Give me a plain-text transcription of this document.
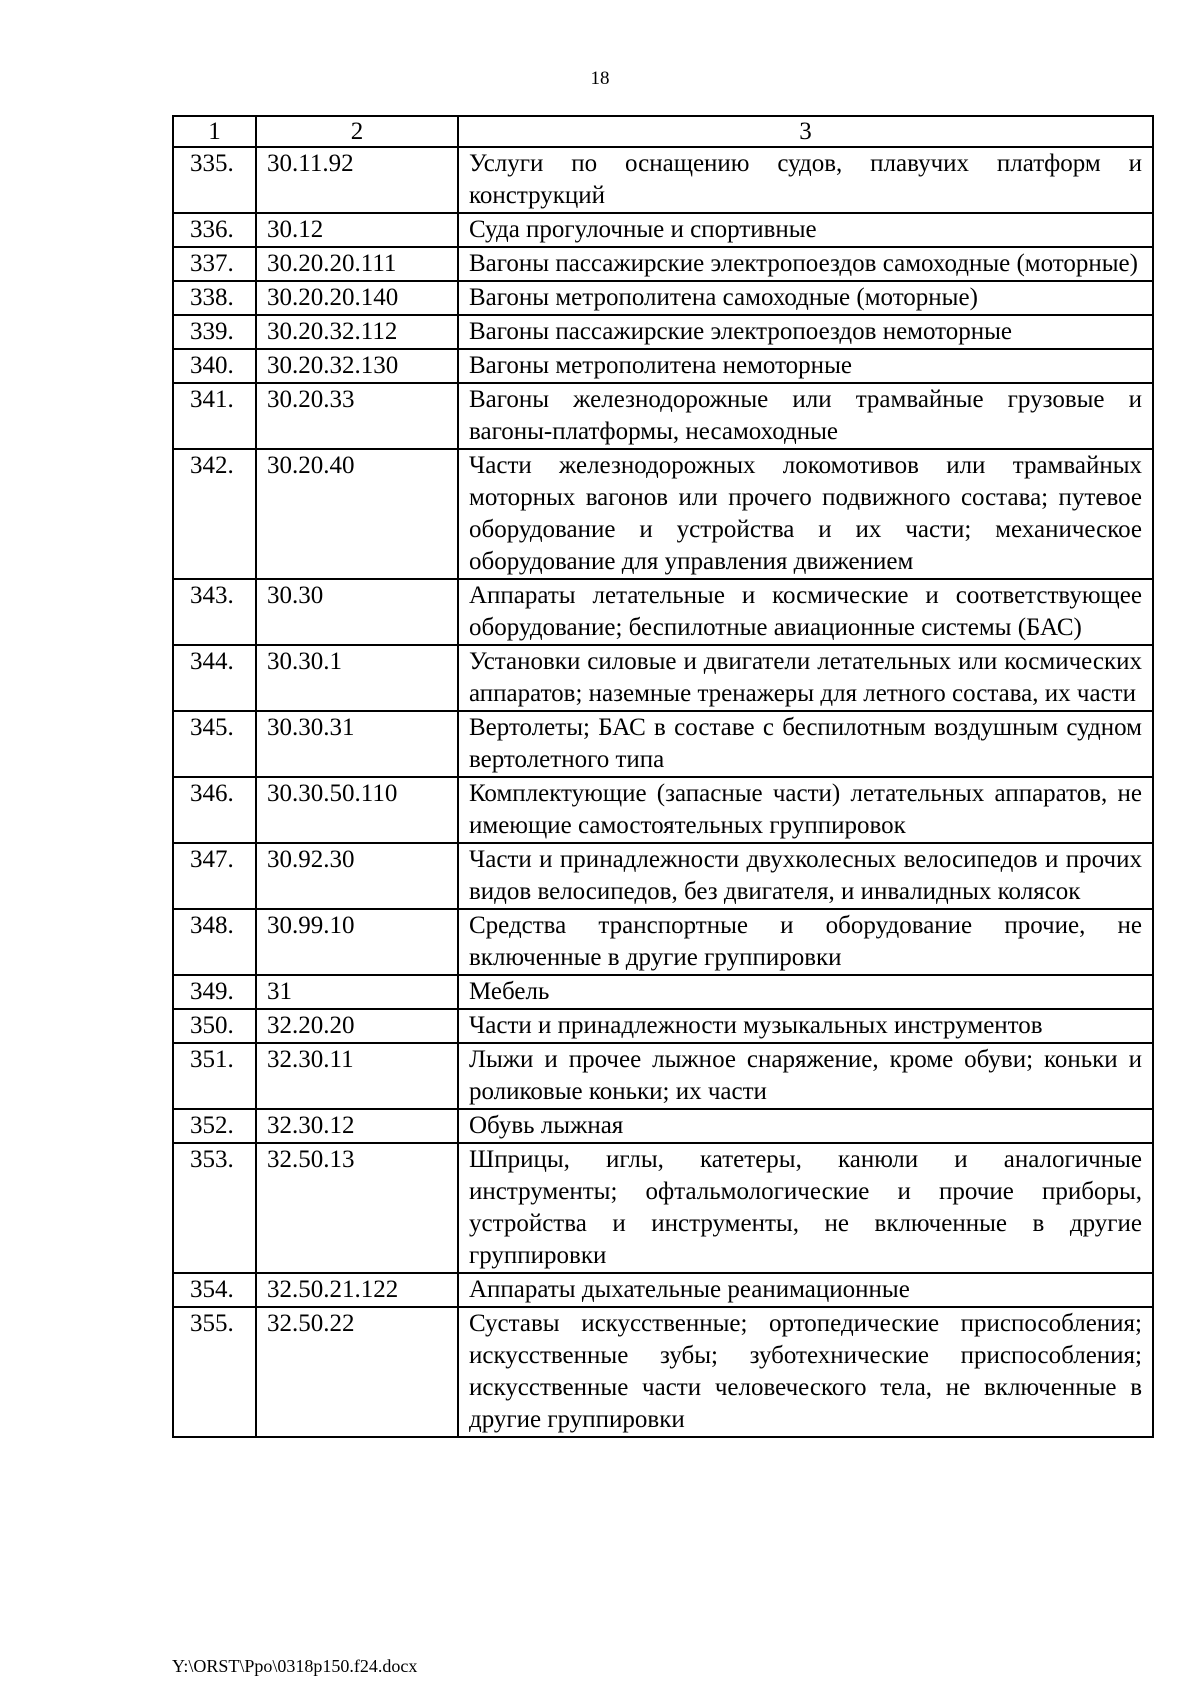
18
1	2	3
335.	30.11.92	Услуги по оснащению судов, плавучих платформ и конструкций
336.	30.12	Суда прогулочные и спортивные
337.	30.20.20.111	Вагоны пассажирские электропоездов самоходные (моторные)
338.	30.20.20.140	Вагоны метрополитена самоходные (моторные)
339.	30.20.32.112	Вагоны пассажирские электропоездов немоторные
340.	30.20.32.130	Вагоны метрополитена немоторные
341.	30.20.33	Вагоны железнодорожные или трамвайные грузовые и вагоны-платформы, несамоходные
342.	30.20.40	Части железнодорожных локомотивов или трамвайных моторных вагонов или прочего подвижного состава; путевое оборудование и устройства и их части; механическое оборудование для управления движением
343.	30.30	Аппараты летательные и космические и соответствующее оборудование; беспилотные авиационные системы (БАС)
344.	30.30.1	Установки силовые и двигатели летательных или космических аппаратов; наземные тренажеры для летного состава, их части
345.	30.30.31	Вертолеты; БАС в составе с беспилотным воздушным судном вертолетного типа
346.	30.30.50.110	Комплектующие (запасные части) летательных аппаратов, не имеющие самостоятельных группировок
347.	30.92.30	Части и принадлежности двухколесных велосипедов и прочих видов велосипедов, без двигателя, и инвалидных колясок
348.	30.99.10	Средства транспортные и оборудование прочие, не включенные в другие группировки
349.	31	Мебель
350.	32.20.20	Части и принадлежности музыкальных инструментов
351.	32.30.11	Лыжи и прочее лыжное снаряжение, кроме обуви; коньки и роликовые коньки; их части
352.	32.30.12	Обувь лыжная
353.	32.50.13	Шприцы, иглы, катетеры, канюли и аналогичные инструменты; офтальмологические и прочие приборы, устройства и инструменты, не включенные в другие группировки
354.	32.50.21.122	Аппараты дыхательные реанимационные
355.	32.50.22	Суставы искусственные; ортопедические приспособления; искусственные зубы; зуботехнические приспособления; искусственные части человеческого тела, не включенные в другие группировки
Y:\ORST\Ppo\0318p150.f24.docx
